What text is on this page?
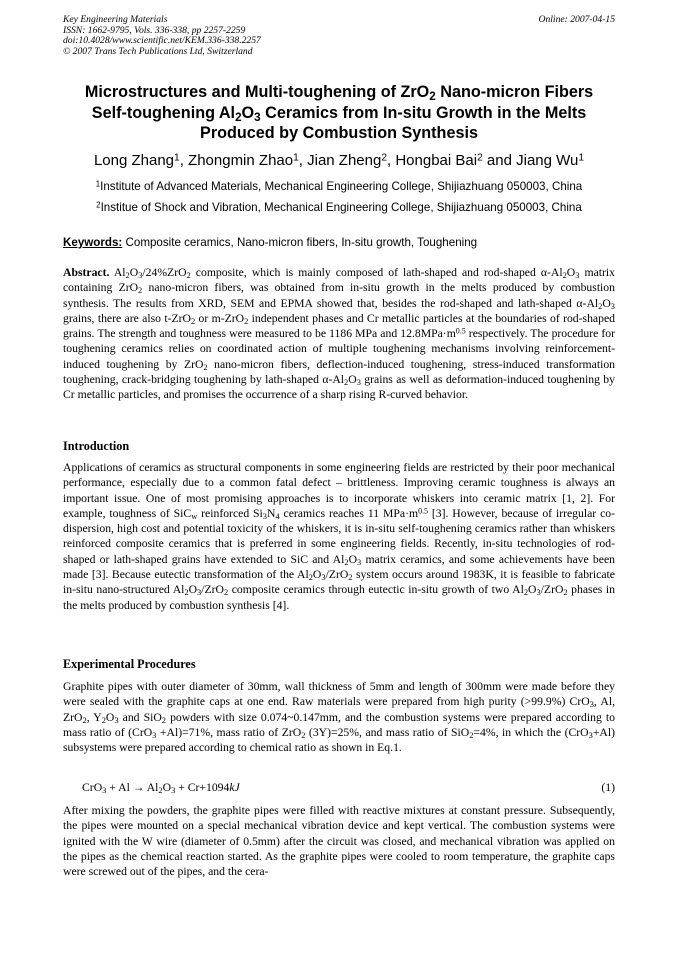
Key Engineering Materials
ISSN: 1662-9795, Vols. 336-338, pp 2257-2259
doi:10.4028/www.scientific.net/KEM.336-338.2257
© 2007 Trans Tech Publications Ltd, Switzerland
Online: 2007-04-15
Microstructures and Multi-toughening of ZrO$_2$ Nano-micron Fibers
Self-toughening $Al_2O_3$ Ceramics from In-situ Growth in the Melts
Produced by Combustion Synthesis
Long Zhang$^1$, Zhongmin Zhao$^1$, Jian Zheng$^2$, Hongbai Bai$^2$ and Jiang Wu$^1$
$^1$Institute of Advanced Materials, Mechanical Engineering College, Shijiazhuang 050003, China
$^2$Institue of Shock and Vibration, Mechanical Engineering College, Shijiazhuang 050003, China
Keywords: Composite ceramics, Nano-micron fibers, In-situ growth, Toughening
Abstract. $Al_2O_3/24\%ZrO_2$ composite, which is mainly composed of lath-shaped and rod-shaped $\alpha-Al_2O_3$ matrix containing ZrO$_2$ nano-micron fibers, was obtained from in-situ growth in the melts produced by combustion synthesis. The results from XRD, SEM and EPMA showed that, besides the rod-shaped and lath-shaped $\alpha-Al_2O_3$ grains, there are also t-ZrO$_2$ or m-ZrO$_2$ independent phases and Cr metallic particles at the boundaries of rod-shaped grains. The strength and toughness were measured to be 1186 MPa and $12.8MPa\cdot m^{0.5}$ respectively. The procedure for toughening ceramics relies on coordinated action of multiple toughening mechanisms involving reinforcement-induced toughening by ZrO$_2$ nano-micron fibers, deflection-induced toughening, stress-induced transformation toughening, crack-bridging toughening by lath-shaped $\alpha-Al_2O_3$ grains as well as deformation-induced toughening by Cr metallic particles, and promises the occurrence of a sharp rising R-curved behavior.
Introduction
Applications of ceramics as structural components in some engineering fields are restricted by their poor mechanical performance, especially due to a common fatal defect – brittleness. Improving ceramic toughness is always an important issue. One of most promising approaches is to incorporate whiskers into ceramic matrix [1, 2]. For example, toughness of SiC$_w$ reinforced $Si_3N_4$ ceramics reaches 11 $MPa\cdot m^{0.5}$ [3]. However, because of irregular co-dispersion, high cost and potential toxicity of the whiskers, it is in-situ self-toughening ceramics rather than whiskers reinforced composite ceramics that is preferred in some engineering fields. Recently, in-situ technologies of rod-shaped or lath-shaped grains have extended to SiC and $Al_2O_3$ matrix ceramics, and some achievements have been made [3]. Because eutectic transformation of the $Al_2O_3/ZrO_2$ system occurs around 1983K, it is feasible to fabricate in-situ nano-structured $Al_2O_3/ZrO_2$ composite ceramics through eutectic in-situ growth of two $Al_2O_3/ZrO_2$ phases in the melts produced by combustion synthesis [4].
Experimental Procedures
Graphite pipes with outer diameter of 30mm, wall thickness of 5mm and length of 300mm were made before they were sealed with the graphite caps at one end. Raw materials were prepared from high purity (>99.9%) CrO$_3$, Al, ZrO$_2$, $Y_2O_3$ and SiO$_2$ powders with size 0.074~0.147mm, and the combustion systems were prepared according to mass ratio of (CrO$_3$ +Al)=71%, mass ratio of ZrO$_2$ (3Y)=25%, and mass ratio of SiO$_2$=4%, in which the (CrO$_3$+Al) subsystems were prepared according to chemical ratio as shown in Eq.1.
$CrO_3 + Al \to Al_2O_3 + Cr+1094kJ$	(1)
After mixing the powders, the graphite pipes were filled with reactive mixtures at constant pressure. Subsequently, the pipes were mounted on a special mechanical vibration device and kept vertical. The combustion systems were ignited with the W wire (diameter of 0.5mm) after the circuit was closed, and mechanical vibration was applied on the pipes as the chemical reaction started. As the graphite pipes were cooled to room temperature, the graphite caps were screwed out of the pipes, and the cera-
